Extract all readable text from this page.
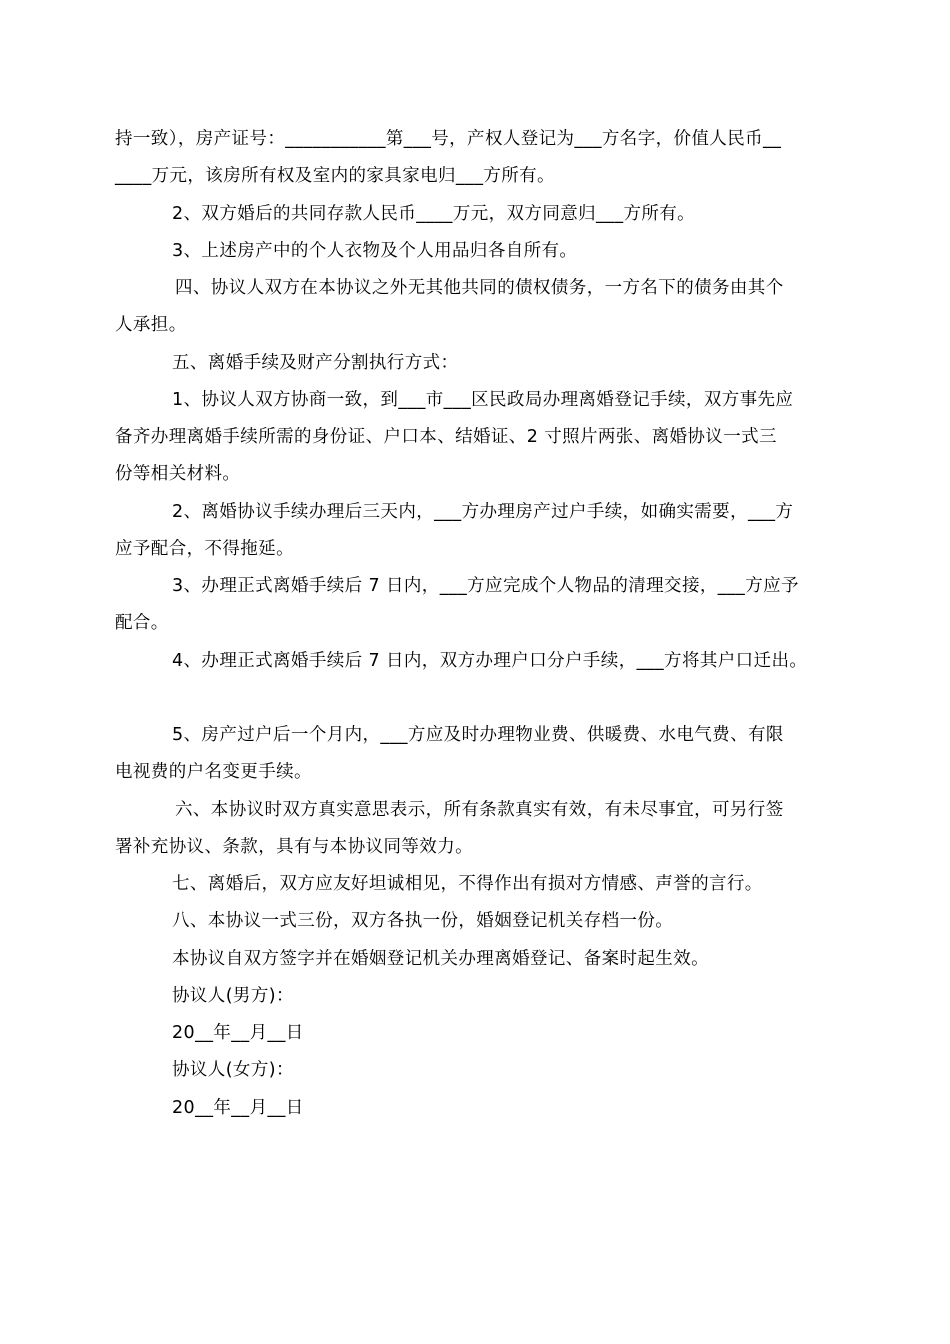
持一致），房产证号：___________第___号，产权人登记为___方名字，价值人民币__
____万元，该房所有权及室内的家具家电归___方所有。
2、双方婚后的共同存款人民币____万元，双方同意归___方所有。
3、上述房产中的个人衣物及个人用品归各自所有。
四、协议人双方在本协议之外无其他共同的债权债务，一方名下的债务由其个
人承担。
五、离婚手续及财产分割执行方式：
1、协议人双方协商一致，到___市___区民政局办理离婚登记手续，双方事先应
备齐办理离婚手续所需的身份证、户口本、结婚证、2 寸照片两张、离婚协议一式三
份等相关材料。
2、离婚协议手续办理后三天内，___方办理房产过户手续，如确实需要，___方
应予配合，不得拖延。
3、办理正式离婚手续后 7 日内，___方应完成个人物品的清理交接，___方应予
配合。
4、办理正式离婚手续后 7 日内，双方办理户口分户手续，___方将其户口迁出。
5、房产过户后一个月内，___方应及时办理物业费、供暖费、水电气费、有限
电视费的户名变更手续。
六、本协议时双方真实意思表示，所有条款真实有效，有未尽事宜，可另行签
署补充协议、条款，具有与本协议同等效力。
七、离婚后，双方应友好坦诚相见，不得作出有损对方情感、声誉的言行。
八、本协议一式三份，双方各执一份，婚姻登记机关存档一份。
本协议自双方签字并在婚姻登记机关办理离婚登记、备案时起生效。
协议人(男方)：
20__年__月__日
协议人(女方)：
20__年__月__日
